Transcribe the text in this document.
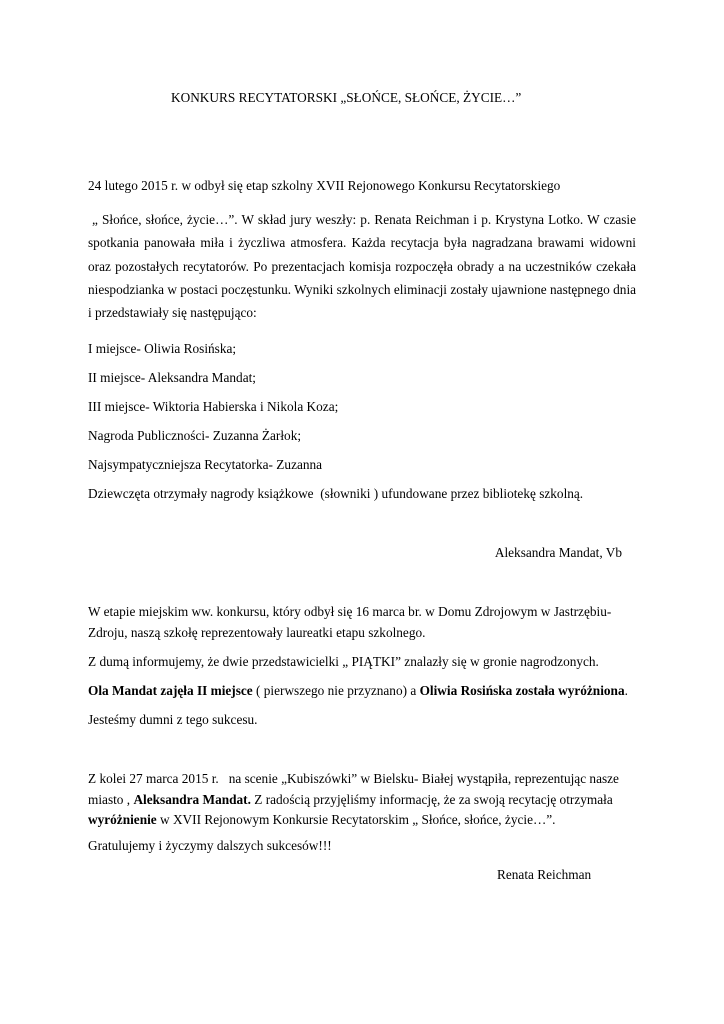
KONKURS RECYTATORSKI „SŁOŃCE, SŁOŃCE, ŻYCIE…”
24 lutego 2015 r. w odbył się etap szkolny XVII Rejonowego Konkursu Recytatorskiego
„ Słońce, słońce, życie…”. W skład jury weszły: p. Renata Reichman i p. Krystyna Lotko. W czasie
spotkania panowała miła i życzliwa atmosfera. Każda recytacja była nagradzana brawami widowni
oraz pozostałych recytatorów. Po prezentacjach komisja rozpoczęła obrady a na uczestników czekała
niespodzianka w postaci poczęstunku. Wyniki szkolnych eliminacji zostały ujawnione następnego dnia
i przedstawiały się następująco:
I miejsce- Oliwia Rosińska;
II miejsce- Aleksandra Mandat;
III miejsce- Wiktoria Habierska i Nikola Koza;
Nagroda Publiczności- Zuzanna Żarłok;
Najsympatyczniejsza Recytatorka- Zuzanna
Dziewczęta otrzymały nagrody książkowe  (słowniki ) ufundowane przez bibliotekę szkolną.
Aleksandra Mandat, Vb
W etapie miejskim ww. konkursu, który odbył się 16 marca br. w Domu Zdrojowym w Jastrzębiu-
Zdroju, naszą szkołę reprezentowały laureatki etapu szkolnego.
Z dumą informujemy, że dwie przedstawicielki „ PIĄTKI” znalazły się w gronie nagrodzonych.
Ola Mandat zajęła II miejsce ( pierwszego nie przyznano) a Oliwia Rosińska została wyróżniona.
Jesteśmy dumni z tego sukcesu.
Z kolei 27 marca 2015 r.   na scenie „Kubiszówki” w Bielsku- Białej wystąpiła, reprezentując nasze
miasto , Aleksandra Mandat. Z radością przyjęliśmy informację, że za swoją recytację otrzymała
wyróżnienie w XVII Rejonowym Konkursie Recytatorskim „ Słońce, słońce, życie…”.
Gratulujemy i życzymy dalszych sukcesów!!!
Renata Reichman
